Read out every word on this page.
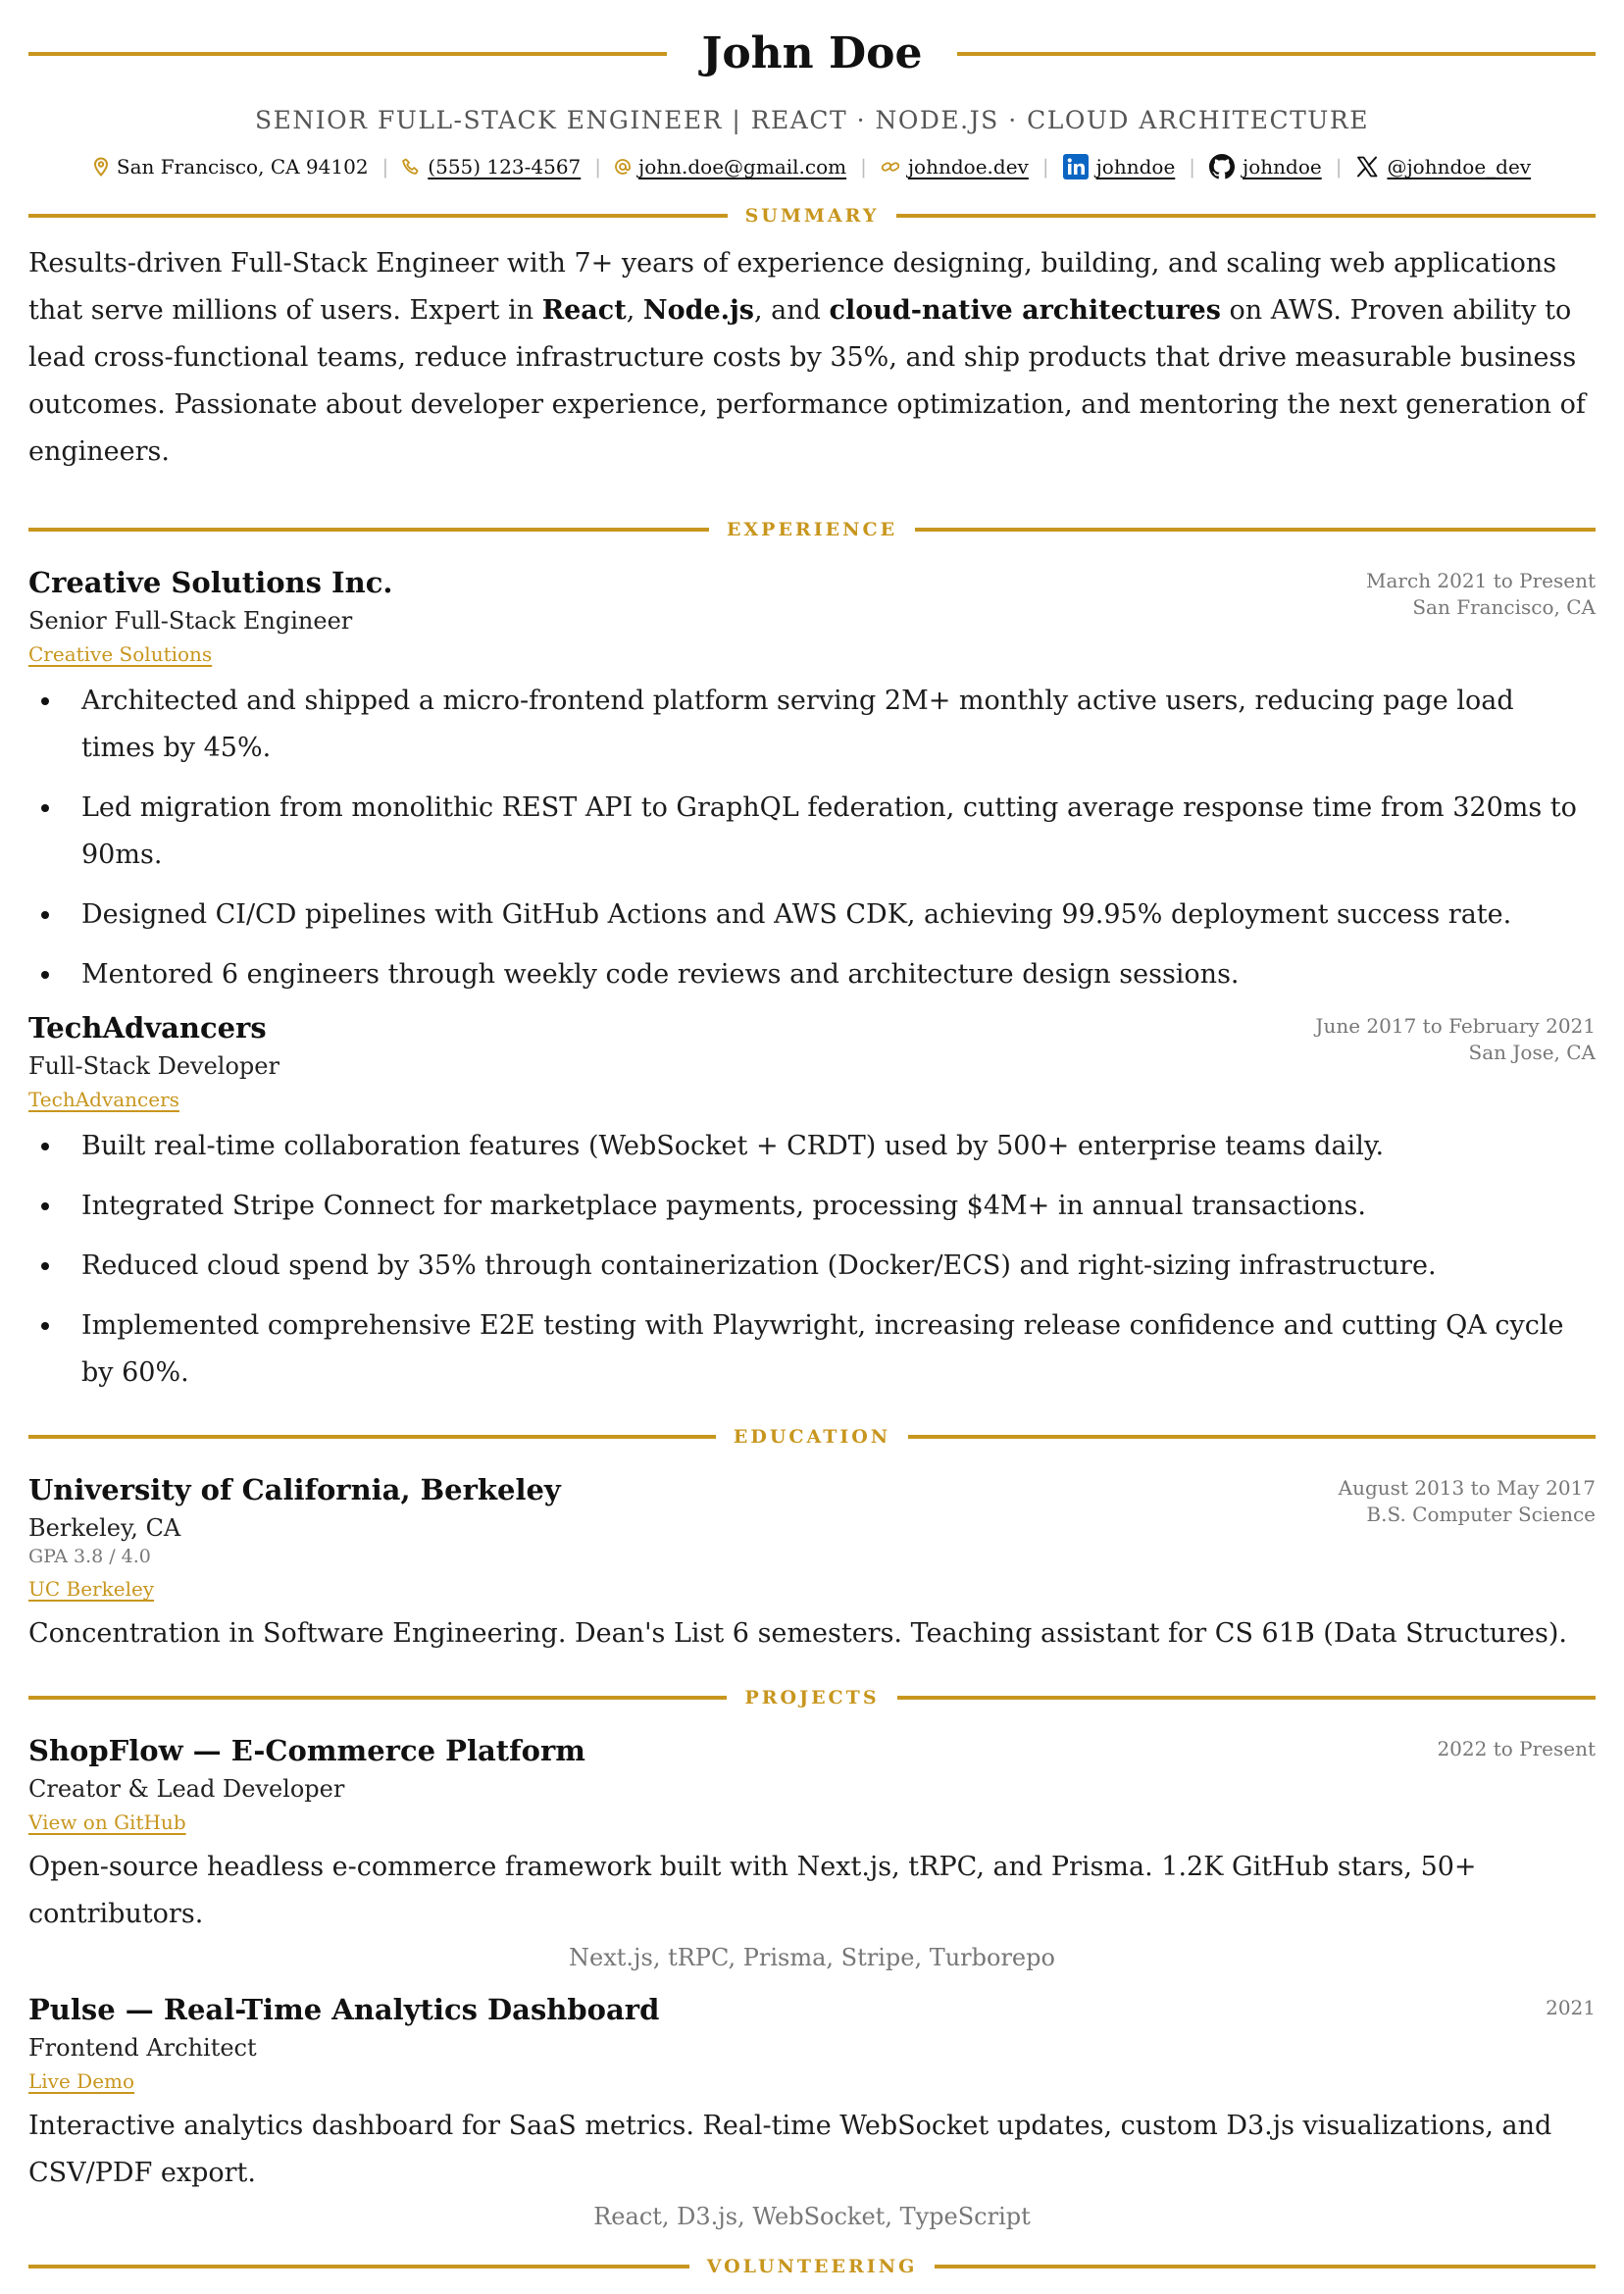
John Doe
SENIOR FULL-STACK ENGINEER | REACT · NODE.JS · CLOUD ARCHITECTURE
San Francisco, CA 94102 | (555) 123-4567 | john.doe@gmail.com | johndoe.dev | johndoe | johndoe | @johndoe_dev
SUMMARY
Results-driven Full-Stack Engineer with 7+ years of experience designing, building, and scaling web applications that serve millions of users. Expert in React, Node.js, and cloud-native architectures on AWS. Proven ability to lead cross-functional teams, reduce infrastructure costs by 35%, and ship products that drive measurable business outcomes. Passionate about developer experience, performance optimization, and mentoring the next generation of engineers.
EXPERIENCE
Creative Solutions Inc.
Senior Full-Stack Engineer
Creative Solutions
March 2021 to Present
San Francisco, CA
Architected and shipped a micro-frontend platform serving 2M+ monthly active users, reducing page load times by 45%.
Led migration from monolithic REST API to GraphQL federation, cutting average response time from 320ms to 90ms.
Designed CI/CD pipelines with GitHub Actions and AWS CDK, achieving 99.95% deployment success rate.
Mentored 6 engineers through weekly code reviews and architecture design sessions.
TechAdvancers
Full-Stack Developer
TechAdvancers
June 2017 to February 2021
San Jose, CA
Built real-time collaboration features (WebSocket + CRDT) used by 500+ enterprise teams daily.
Integrated Stripe Connect for marketplace payments, processing $4M+ in annual transactions.
Reduced cloud spend by 35% through containerization (Docker/ECS) and right-sizing infrastructure.
Implemented comprehensive E2E testing with Playwright, increasing release confidence and cutting QA cycle by 60%.
EDUCATION
University of California, Berkeley
Berkeley, CA
GPA 3.8 / 4.0
UC Berkeley
August 2013 to May 2017
B.S. Computer Science
Concentration in Software Engineering. Dean's List 6 semesters. Teaching assistant for CS 61B (Data Structures).
PROJECTS
ShopFlow — E-Commerce Platform
Creator & Lead Developer
View on GitHub
2022 to Present
Open-source headless e-commerce framework built with Next.js, tRPC, and Prisma. 1.2K GitHub stars, 50+ contributors.
Next.js, tRPC, Prisma, Stripe, Turborepo
Pulse — Real-Time Analytics Dashboard
Frontend Architect
Live Demo
2021
Interactive analytics dashboard for SaaS metrics. Real-time WebSocket updates, custom D3.js visualizations, and CSV/PDF export.
React, D3.js, WebSocket, TypeScript
VOLUNTEERING
